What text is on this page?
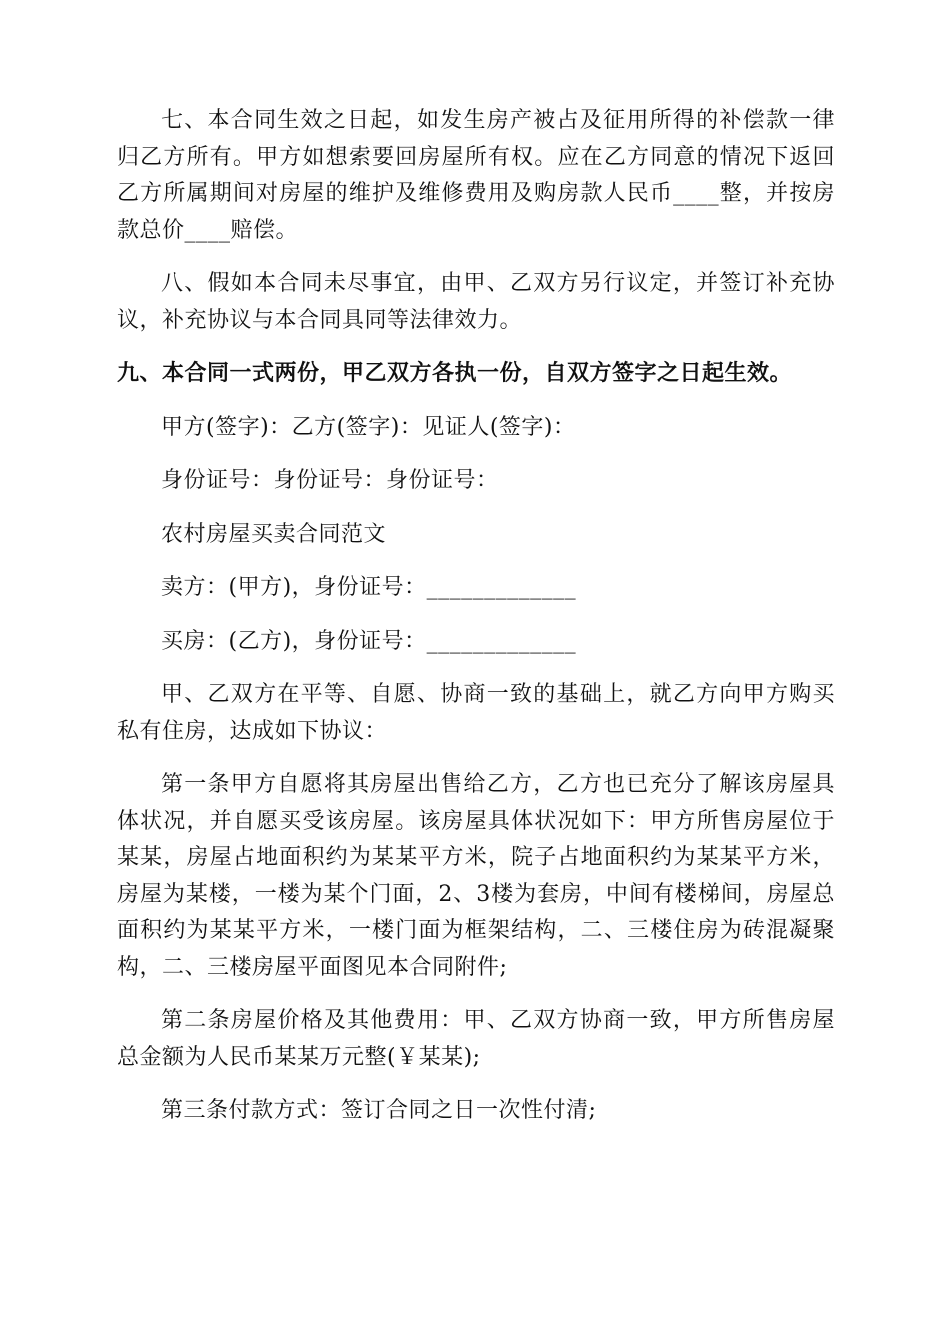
七、本合同生效之日起，如发生房产被占及征用所得的补偿款一律归乙方所有。甲方如想索要回房屋所有权。应在乙方同意的情况下返回乙方所属期间对房屋的维护及维修费用及购房款人民币____整，并按房款总价____赔偿。

八、假如本合同未尽事宜，由甲、乙双方另行议定，并签订补充协议，补充协议与本合同具同等法律效力。

九、本合同一式两份，甲乙双方各执一份，自双方签字之日起生效。

甲方(签字)：乙方(签字)：见证人(签字)：

身份证号：身份证号：身份证号：

农村房屋买卖合同范文

卖方：(甲方)，身份证号：_____________

买房：(乙方)，身份证号：_____________

甲、乙双方在平等、自愿、协商一致的基础上，就乙方向甲方购买私有住房，达成如下协议：

第一条甲方自愿将其房屋出售给乙方，乙方也已充分了解该房屋具体状况，并自愿买受该房屋。该房屋具体状况如下：甲方所售房屋位于某某，房屋占地面积约为某某平方米，院子占地面积约为某某平方米，房屋为某楼，一楼为某个门面，2、3楼为套房，中间有楼梯间，房屋总面积约为某某平方米，一楼门面为框架结构，二、三楼住房为砖混凝聚构，二、三楼房屋平面图见本合同附件;

第二条房屋价格及其他费用：甲、乙双方协商一致，甲方所售房屋总金额为人民币某某万元整(￥某某);

第三条付款方式：签订合同之日一次性付清;
